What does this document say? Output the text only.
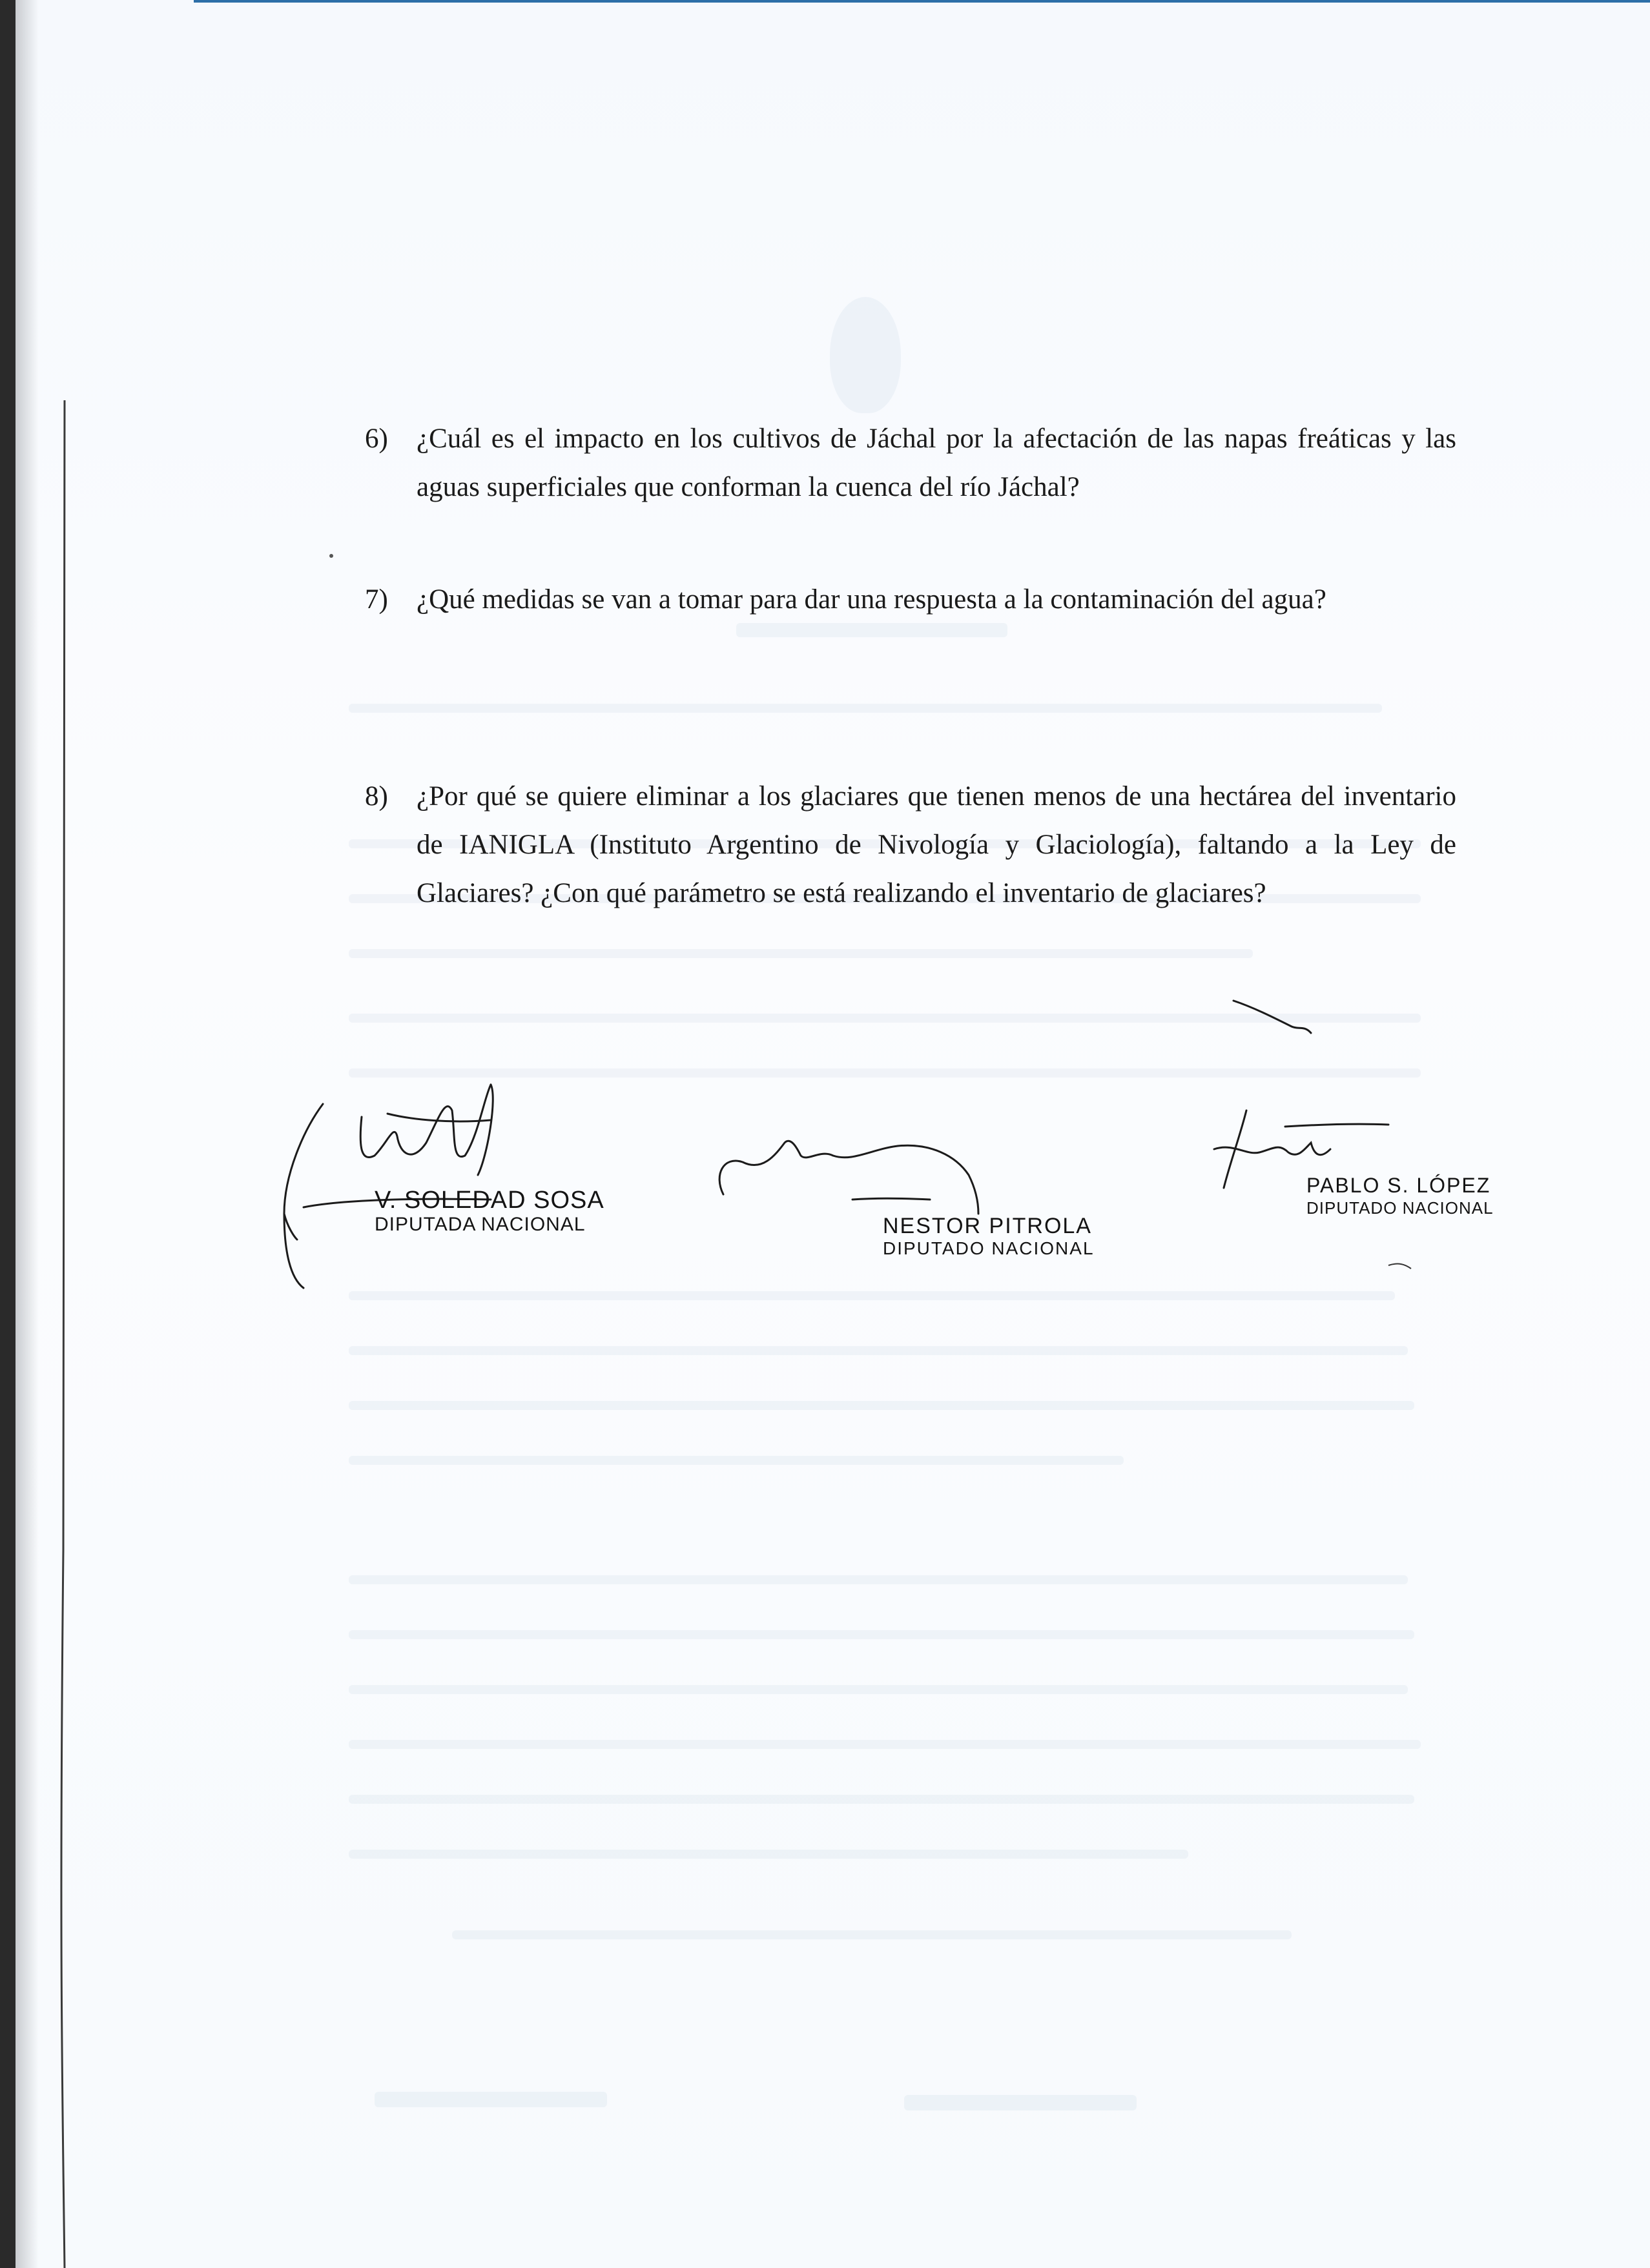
6)	¿Cuál es el impacto en los cultivos de Jáchal por la afectación de las napas freáticas y las aguas superficiales que conforman la cuenca del río Jáchal?
7)	¿Qué medidas se van a tomar para dar una respuesta a la contaminación del agua?
8)	¿Por qué se quiere eliminar a los glaciares que tienen menos de una hectárea del inventario de IANIGLA (Instituto Argentino de Nivología y Glaciología), faltando a la Ley de Glaciares? ¿Con qué parámetro se está realizando el inventario de glaciares?
V. SOLEDAD SOSA
DIPUTADA NACIONAL	NESTOR PITROLA
DIPUTADO NACIONAL
PABLO S. LÓPEZ
DIPUTADO NACIONAL
